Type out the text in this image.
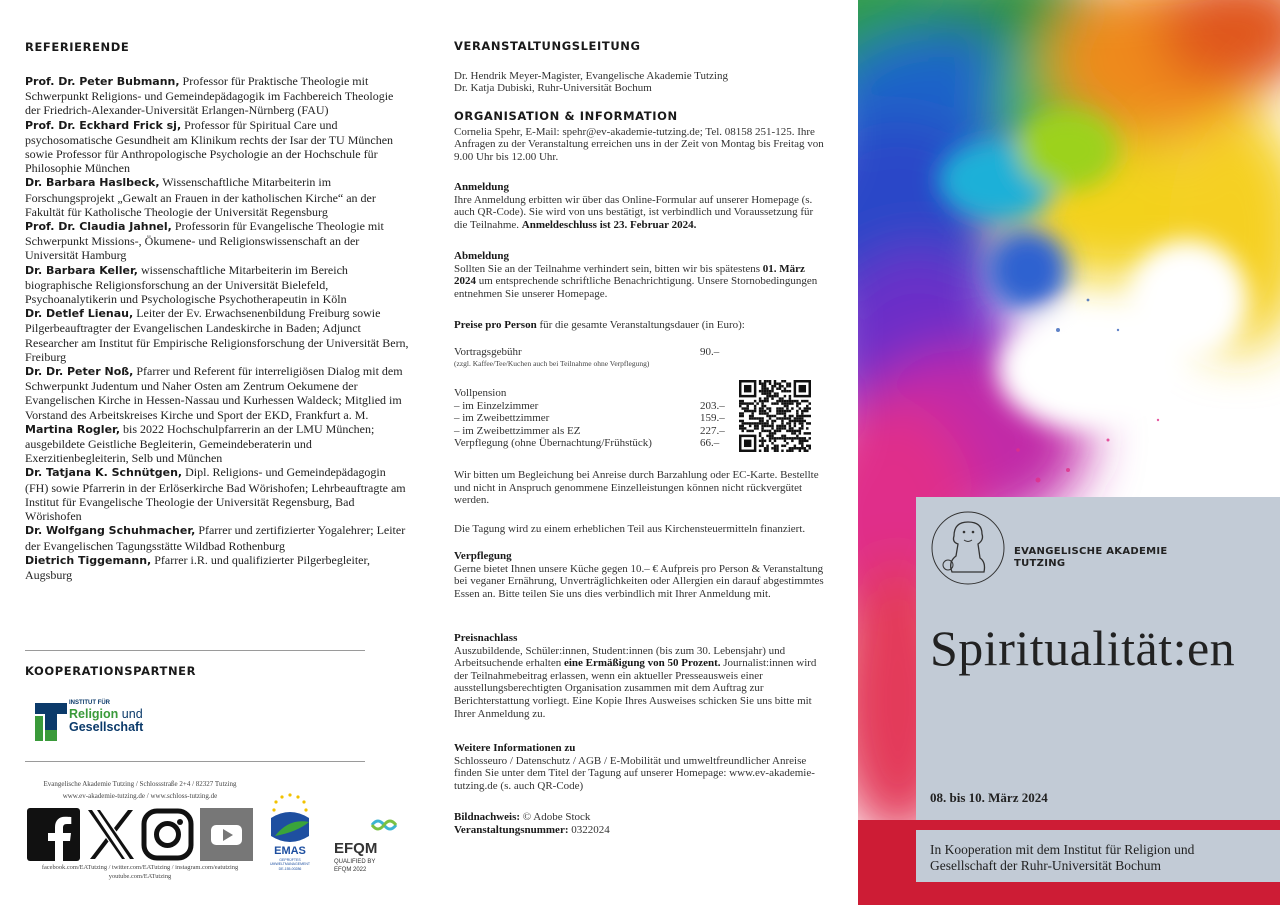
REFERIERENDE
Prof. Dr. Peter Bubmann, Professor für Praktische Theologie mit Schwerpunkt Religions- und Gemeindepädagogik im Fachbereich Theologie der Friedrich-Alexander-Universität Erlangen-Nürnberg (FAU)
Prof. Dr. Eckhard Frick sj, Professor für Spiritual Care und psychosomatische Gesundheit am Klinikum rechts der Isar der TU München sowie Professor für Anthropologische Psychologie an der Hochschule für Philosophie München
Dr. Barbara Haslbeck, Wissenschaftliche Mitarbeiterin im Forschungsprojekt „Gewalt an Frauen in der katholischen Kirche“ an der Fakultät für Katholische Theologie der Universität Regensburg
Prof. Dr. Claudia Jahnel, Professorin für Evangelische Theologie mit Schwerpunkt Missions-, Ökumene- und Religionswissenschaft an der Universität Hamburg
Dr. Barbara Keller, wissenschaftliche Mitarbeiterin im Bereich biographische Religionsforschung an der Universität Bielefeld, Psychoanalytikerin und Psychologische Psychotherapeutin in Köln
Dr. Detlef Lienau, Leiter der Ev. Erwachsenenbildung Freiburg sowie Pilgerbeauftragter der Evangelischen Landeskirche in Baden; Adjunct Researcher am Institut für Empirische Religionsforschung der Universität Bern, Freiburg
Dr. Dr. Peter Noß, Pfarrer und Referent für interreligiösen Dialog mit dem Schwerpunkt Judentum und Naher Osten am Zentrum Oekumene der Evangelischen Kirche in Hessen-Nassau und Kurhessen Waldeck; Mitglied im Vorstand des Arbeitskreises Kirche und Sport der EKD, Frankfurt a. M.
Martina Rogler, bis 2022 Hochschulpfarrerin an der LMU München; ausgebildete Geistliche Begleiterin, Gemeindeberaterin und Exerzitienbegleiterin, Selb und München
Dr. Tatjana K. Schnütgen, Dipl. Religions- und Gemeindepädagogin (FH) sowie Pfarrerin in der Erlöserkirche Bad Wörishofen; Lehrbeauftragte am Institut für Evangelische Theologie der Universität Regensburg, Bad Wörishofen
Dr. Wolfgang Schuhmacher, Pfarrer und zertifizierter Yogalehrer; Leiter der Evangelischen Tagungsstätte Wildbad Rothenburg
Dietrich Tiggemann, Pfarrer i.R. und qualifizierter Pilgerbegleiter, Augsburg
KOOPERATIONSPARTNER
INSTITUT FÜR
Religion und
Gesellschaft
Evangelische Akademie Tutzing / Schlossstraße 2+4 / 82327 Tutzing
www.ev-akademie-tutzing.de / www.schloss-tutzing.de
facebook.com/EATutzing / twitter.com/EATutzing / instagram.com/eatutzing
youtube.com/EATutzing
EMAS
GEPRÜFTES
UMWELTMANAGEMENT
DE-155-00286
EFQM
QUALIFIED BY
EFQM 2022
VERANSTALTUNGSLEITUNG
Dr. Hendrik Meyer-Magister, Evangelische Akademie Tutzing
Dr. Katja Dubiski, Ruhr-Universität Bochum
ORGANISATION & INFORMATION
Cornelia Spehr, E-Mail: spehr@ev-akademie-tutzing.de; Tel. 08158 251-125. Ihre Anfragen zu der Veranstaltung erreichen uns in der Zeit von Montag bis Freitag von 9.00 Uhr bis 12.00 Uhr.
Anmeldung
Ihre Anmeldung erbitten wir über das Online-Formular auf unserer Homepage (s. auch QR-Code). Sie wird von uns bestätigt, ist verbindlich und Voraussetzung für die Teilnahme. Anmeldeschluss ist 23. Februar 2024.
Abmeldung
Sollten Sie an der Teilnahme verhindert sein, bitten wir bis spätestens 01. März 2024 um entsprechende schriftliche Benachrichtigung. Unsere Stornobedingungen entnehmen Sie unserer Homepage.
Preise pro Person für die gesamte Veranstaltungsdauer (in Euro):
Vortragsgebühr	90.–
(zzgl. Kaffee/Tee/Kuchen auch bei Teilnahme ohne Verpflegung)
Vollpension
– im Einzelzimmer	203.–
– im Zweibettzimmer	159.–
– im Zweibettzimmer als EZ	227.–
Verpflegung (ohne Übernachtung/Frühstück)	66.–
Wir bitten um Begleichung bei Anreise durch Barzahlung oder EC-Karte. Bestellte und nicht in Anspruch genommene Einzelleistungen können nicht rückvergütet werden.
Die Tagung wird zu einem erheblichen Teil aus Kirchensteuermitteln finanziert.
Verpflegung
Gerne bietet Ihnen unsere Küche gegen 10.– € Aufpreis pro Person & Veranstaltung bei veganer Ernährung, Unverträglichkeiten oder Allergien ein darauf abgestimmtes Essen an. Bitte teilen Sie uns dies verbindlich mit Ihrer Anmeldung mit.
Preisnachlass
Auszubildende, Schüler:innen, Student:innen (bis zum 30. Lebensjahr) und Arbeitsuchende erhalten eine Ermäßigung von 50 Prozent. Journalist:innen wird der Teilnahmebeitrag erlassen, wenn ein aktueller Presseausweis einer ausstellungsberechtigten Organisation zusammen mit dem Auftrag zur Berichterstattung vorliegt. Eine Kopie Ihres Ausweises schicken Sie uns bitte mit Ihrer Anmeldung zu.
Weitere Informationen zu
Schlosseuro / Datenschutz / AGB / E-Mobilität und umweltfreundlicher Anreise finden Sie unter dem Titel der Tagung auf unserer Homepage: www.ev-akademie-tutzing.de (s. auch QR-Code)
Bildnachweis: © Adobe Stock
Veranstaltungsnummer: 0322024
EVANGELISCHE AKADEMIE
TUTZING
Spiritualität:en
08. bis 10. März 2024
In Kooperation mit dem Institut für Religion und Gesellschaft der Ruhr-Universität Bochum
